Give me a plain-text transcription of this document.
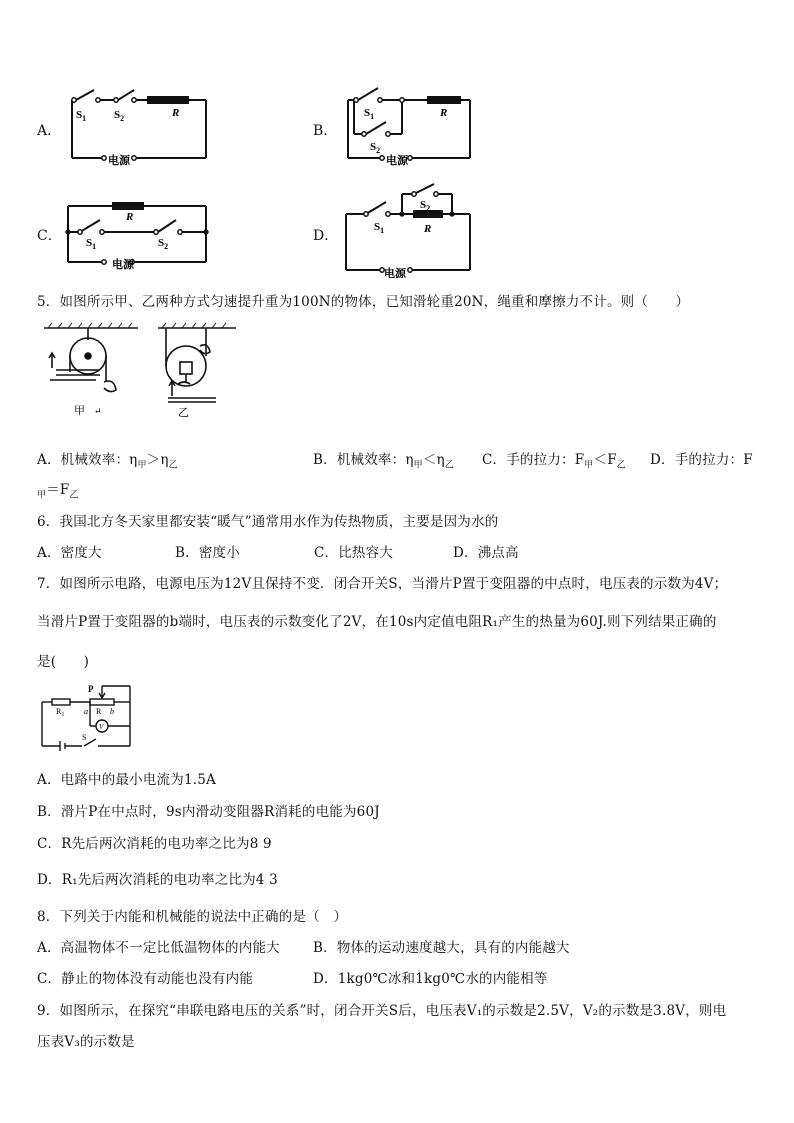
A．
$S_1$	$S_2$	R
电源
B．
$S_1$
$S_2$
R
电源
C．
R
$S_1$	$S_2$
电源
D．
$S_2$
$S_1$	R
电源
5．如图所示甲、乙两种方式匀速提升重为100N的物体，已知滑轮重20N，绳重和摩擦力不计。则（　　）
甲 ↵	乙
A．机械效率：$\eta_甲>\eta_乙$	B．机械效率：$\eta_甲<\eta_乙$ C．手的拉力：$F_甲<F_乙$ D．手的拉力：F
$_甲=F_乙$
6．我国北方冬天家里都安装“暖气”通常用水作为传热物质，主要是因为水的
A．密度大	B．密度小	C．比热容大	D．沸点高
7．如图所示电路，电源电压为12V且保持不变．闭合开关S，当滑片P置于变阻器的中点时，电压表的示数为4V；
当滑片P置于变阻器的b端时，电压表的示数变化了2V，在10s内定值电阻R₁产生的热量为60J.则下列结果正确的
是(　　)
P
$R_1$ a R b
V
S
A．电路中的最小电流为1.5A
B．滑片P在中点时，9s内滑动变阻器R消耗的电能为60J
C．R先后两次消耗的电功率之比为8 9
D．R₁先后两次消耗的电功率之比为4 3
8．下列关于内能和机械能的说法中正确的是（　）
A．高温物体不一定比低温物体的内能大 B．物体的运动速度越大，具有的内能越大
C．静止的物体没有动能也没有内能	D．1kg0℃冰和1kg0℃水的内能相等
9．如图所示，在探究“串联电路电压的关系”时，闭合开关S后，电压表V₁的示数是2.5V，V₂的示数是3.8V，则电
压表V₃的示数是
